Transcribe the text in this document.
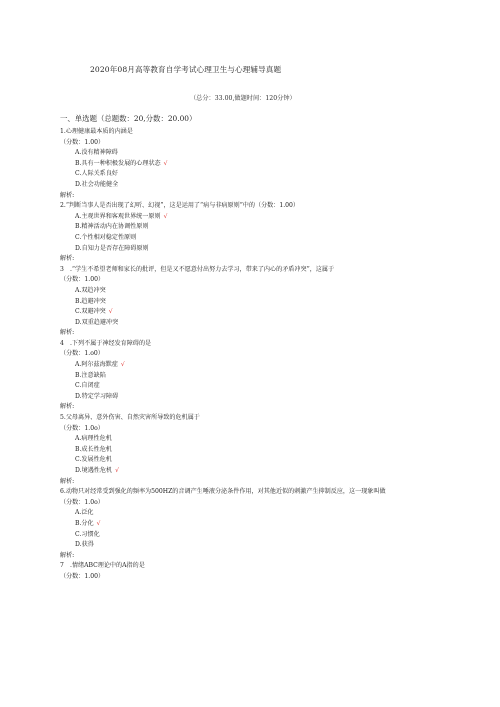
2020年08月高等教育自学考试心理卫生与心理辅导真题
（总分：33.00,做题时间：120分钟）
一、单选题（总题数：20,分数：20.00）
1.心理健康最本质的内涵是
（分数：1.00）
A.没有精神障碍
B.具有一种积极发展的心理状态 √
C.人际关系良好
D.社会功能健全
解析:
2.“判断当事人是否出现了幻听、幻视”，这是运用了“病与非病原则”中的（分数：1.00）
A.主观世界和客观世界统一原则 √
B.精神活动内在协调性原则
C.个性相对稳定性原则
D.自知力是否存在障碍原则
解析:
3　.“学生不希望老师和家长的批评，但是又不愿意付出努力去学习，带来了内心的矛盾冲突”，这属于
（分数：1.00）
A.双趋冲突
B.趋避冲突
C.双避冲突 √
D.双重趋避冲突
解析:
4　.下列不属于神经发育障碍的是
（分数：1.o0）
A.阿尔兹海默症 √
B.注意缺陷
C.自闭症
D.特定学习障碍
解析:
5.父母离异、意外伤害、自然灾害所导致的危机属于
（分数：1.0o）
A.病理性危机
B.成长性危机
C.发展性危机
D.境遇性危机 √
解析:
6.动物只对经常受到强化的频率为500HZ的音调产生唾液分泌条件作用，对其他近似的刺激产生抑制反应，这一现象叫做
（分数：1.0o）
A.泛化
B.分化 √
C.习惯化
D.获得
解析:
7　.情绪ABC理论中的A指的是
（分数：1.00）
